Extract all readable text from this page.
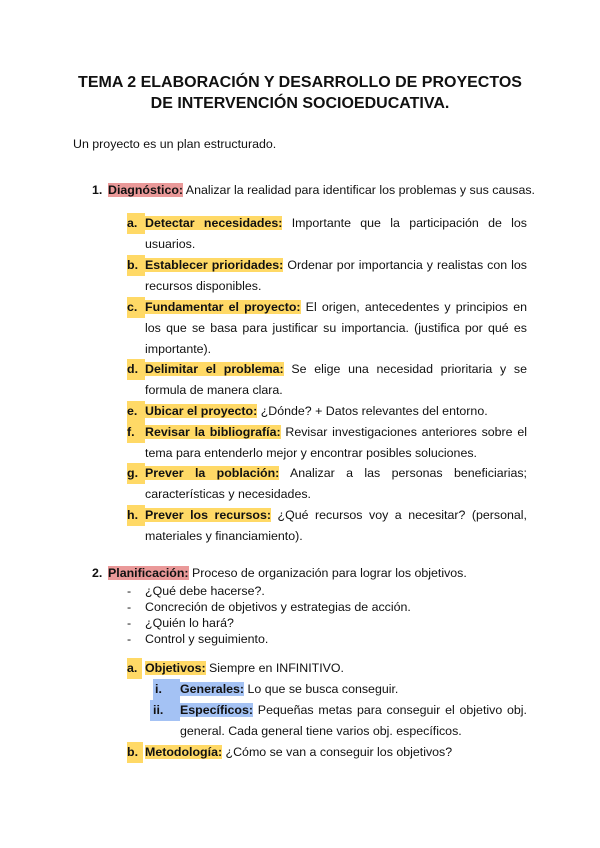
TEMA 2 ELABORACIÓN Y DESARROLLO DE PROYECTOS
DE INTERVENCIÓN SOCIOEDUCATIVA.
Un proyecto es un plan estructurado.
1. Diagnóstico: Analizar la realidad para identificar los problemas y sus causas.
a. Detectar necesidades: Importante que la participación de los usuarios.
b. Establecer prioridades: Ordenar por importancia y realistas con los recursos disponibles.
c. Fundamentar el proyecto: El origen, antecedentes y principios en los que se basa para justificar su importancia. (justifica por qué es importante).
d. Delimitar el problema: Se elige una necesidad prioritaria y se formula de manera clara.
e. Ubicar el proyecto: ¿Dónde? + Datos relevantes del entorno.
f. Revisar la bibliografía: Revisar investigaciones anteriores sobre el tema para entenderlo mejor y encontrar posibles soluciones.
g. Prever la población: Analizar a las personas beneficiarias; características y necesidades.
h. Prever los recursos: ¿Qué recursos voy a necesitar? (personal, materiales y financiamiento).
2. Planificación: Proceso de organización para lograr los objetivos.
- ¿Qué debe hacerse?.
- Concreción de objetivos y estrategias de acción.
- ¿Quién lo hará?
- Control y seguimiento.
a. Objetivos: Siempre en INFINITIVO.
i.	Generales: Lo que se busca conseguir.
ii.	Específicos: Pequeñas metas para conseguir el objetivo obj. general. Cada general tiene varios obj. específicos.
b. Metodología: ¿Cómo se van a conseguir los objetivos?
